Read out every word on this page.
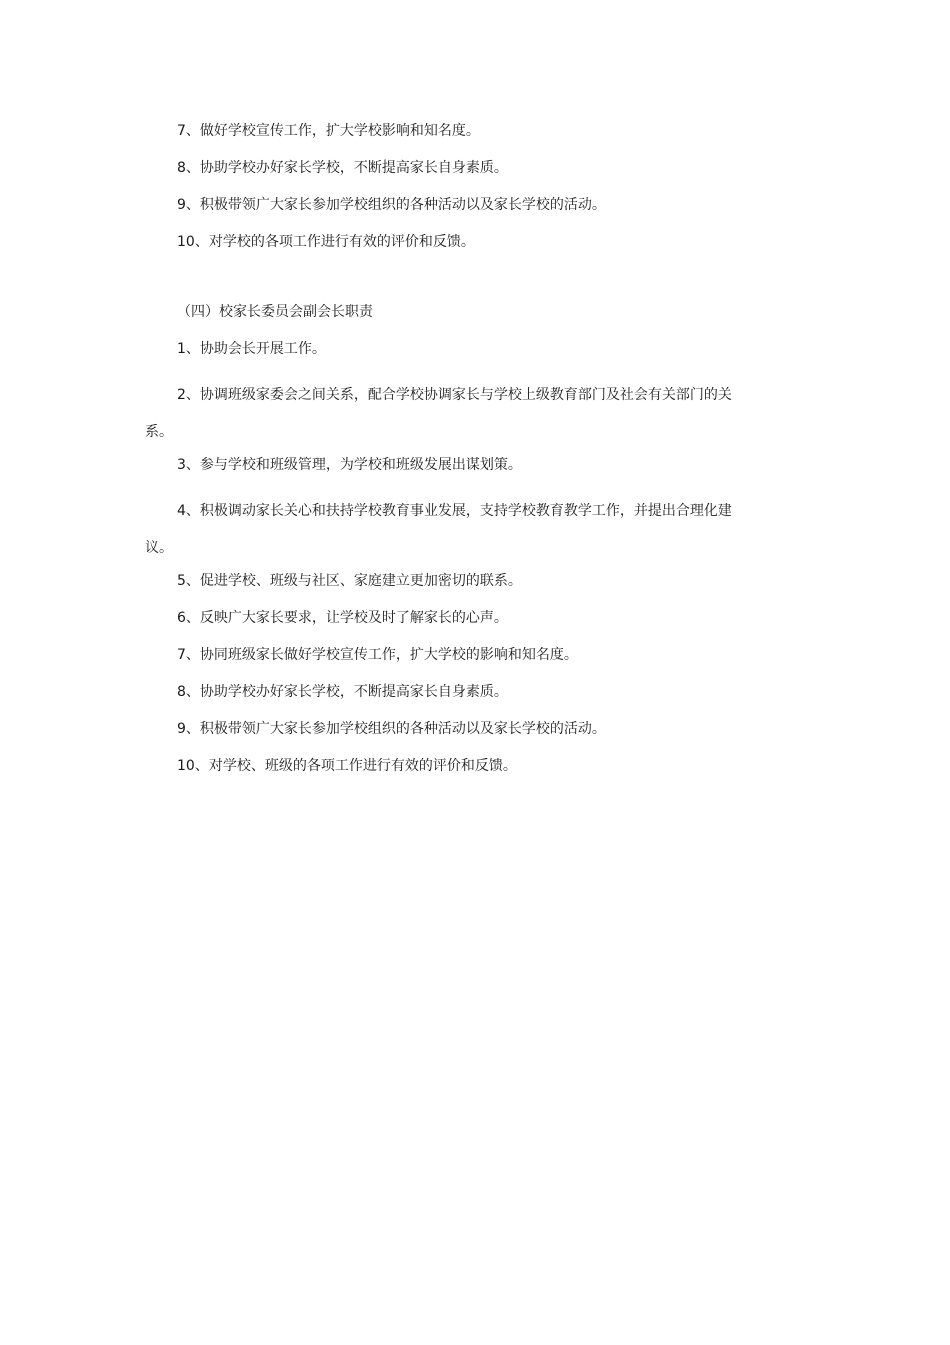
7、做好学校宣传工作，扩大学校影响和知名度。

8、协助学校办好家长学校，不断提高家长自身素质。

9、积极带领广大家长参加学校组织的各种活动以及家长学校的活动。

10、对学校的各项工作进行有效的评价和反馈。

（四）校家长委员会副会长职责

1、协助会长开展工作。

2、协调班级家委会之间关系，配合学校协调家长与学校上级教育部门及社会有关部门的关系。

3、参与学校和班级管理，为学校和班级发展出谋划策。

4、积极调动家长关心和扶持学校教育事业发展，支持学校教育教学工作，并提出合理化建议。

5、促进学校、班级与社区、家庭建立更加密切的联系。

6、反映广大家长要求，让学校及时了解家长的心声。

7、协同班级家长做好学校宣传工作，扩大学校的影响和知名度。

8、协助学校办好家长学校，不断提高家长自身素质。

9、积极带领广大家长参加学校组织的各种活动以及家长学校的活动。

10、对学校、班级的各项工作进行有效的评价和反馈。
